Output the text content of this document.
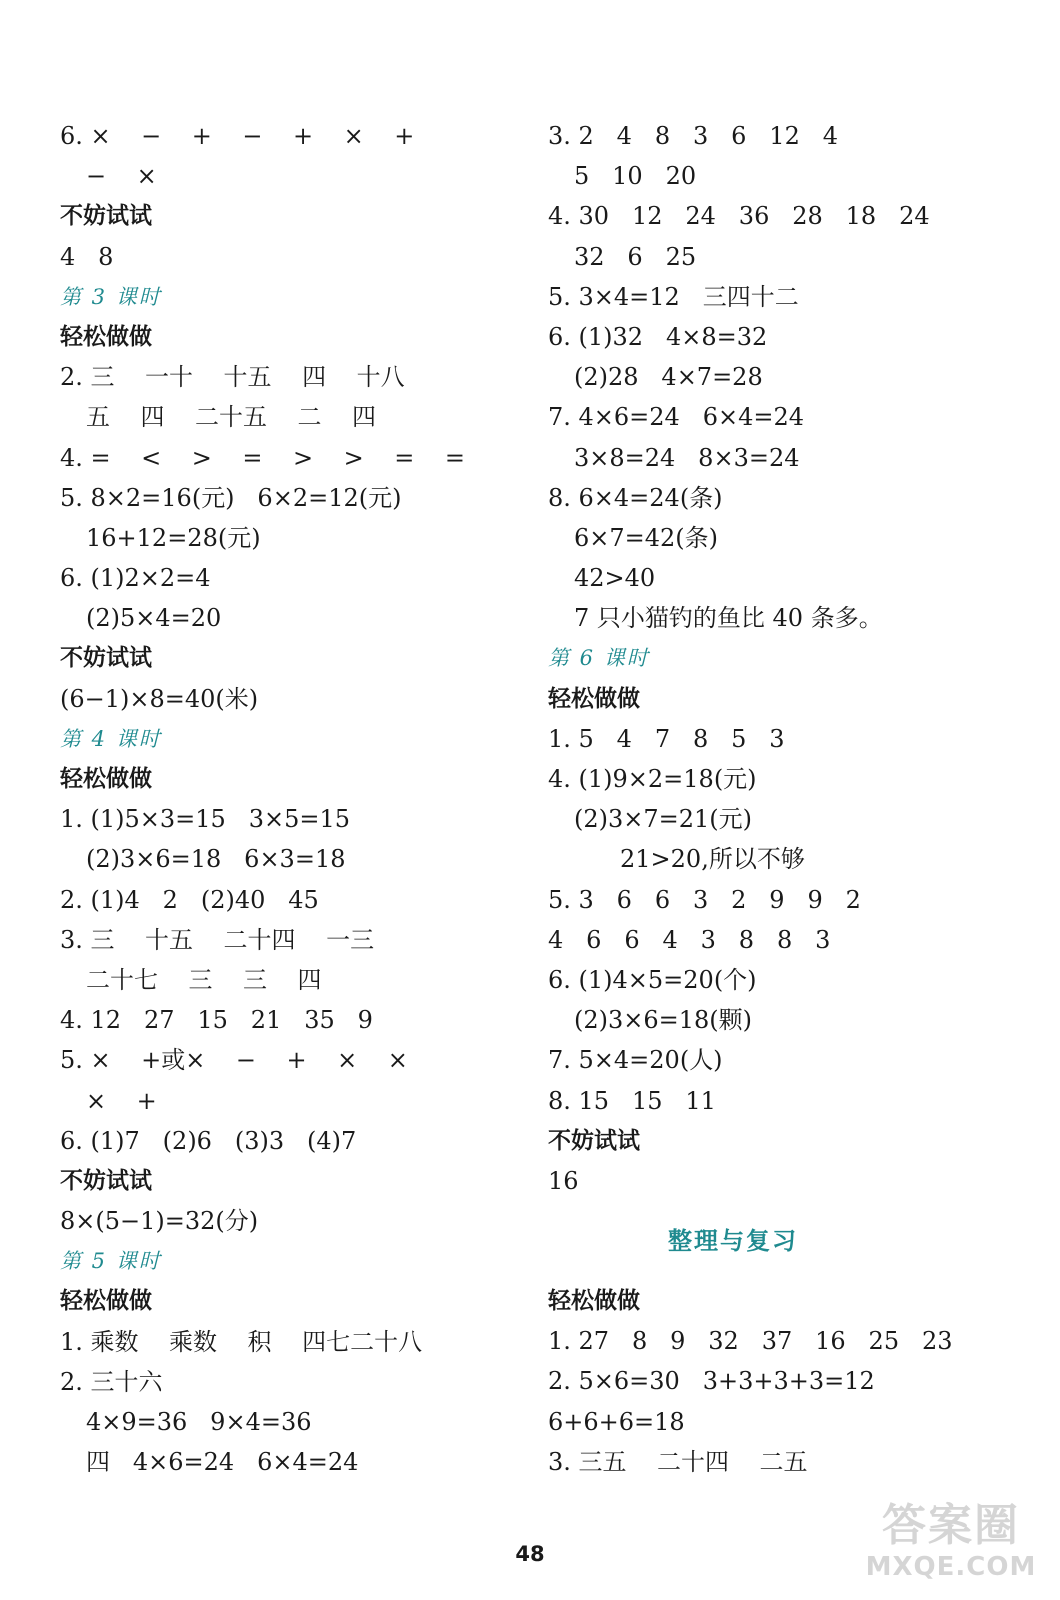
6. ×    −    +    −    +    ×    +
−    ×
不妨试试
4   8
第 3 课时
轻松做做
2. 三    一十    十五    四    十八
五    四    二十五    二    四
4. =    <    >    =    >    >    =    =
5. 8×2=16(元)   6×2=12(元)
16+12=28(元)
6. (1)2×2=4
(2)5×4=20
不妨试试
(6−1)×8=40(米)
第 4 课时
轻松做做
1. (1)5×3=15   3×5=15
(2)3×6=18   6×3=18
2. (1)4   2   (2)40   45
3. 三    十五    二十四    一三
二十七    三    三    四
4. 12   27   15   21   35   9
5. ×    +或×    −    +    ×    ×
×    +
6. (1)7   (2)6   (3)3   (4)7
不妨试试
8×(5−1)=32(分)
第 5 课时
轻松做做
1. 乘数    乘数    积    四七二十八
2. 三十六
4×9=36   9×4=36
四   4×6=24   6×4=24
3. 2   4   8   3   6   12   4
5   10   20
4. 30   12   24   36   28   18   24
32   6   25
5. 3×4=12   三四十二
6. (1)32   4×8=32
(2)28   4×7=28
7. 4×6=24   6×4=24
3×8=24   8×3=24
8. 6×4=24(条)
6×7=42(条)
42>40
7 只小猫钓的鱼比 40 条多。
第 6 课时
轻松做做
1. 5   4   7   8   5   3
4. (1)9×2=18(元)
(2)3×7=21(元)
21>20,所以不够
5. 3   6   6   3   2   9   9   2
4   6   6   4   3   8   8   3
6. (1)4×5=20(个)
(2)3×6=18(颗)
7. 5×4=20(人)
8. 15   15   11
不妨试试
16
整理与复习
轻松做做
1. 27   8   9   32   37   16   25   23
2. 5×6=30   3+3+3+3=12
6+6+6=18
3. 三五    二十四    二五
48
答案圈
MXQE.COM
